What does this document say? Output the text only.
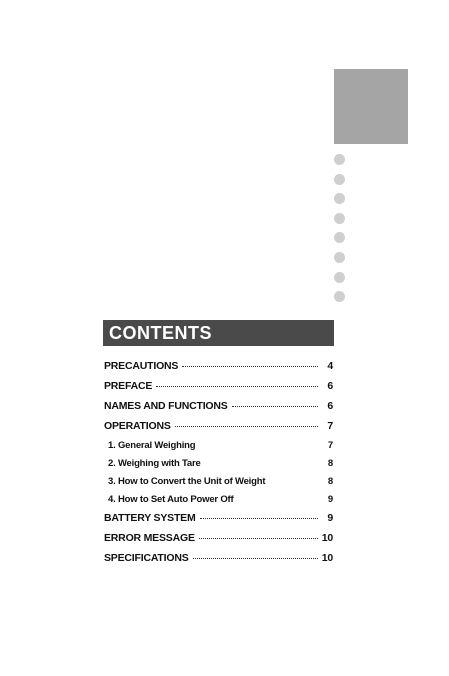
CONTENTS
PRECAUTIONS	4
PREFACE	6
NAMES AND FUNCTIONS	6
OPERATIONS	7
1. General Weighing	7
2. Weighing with Tare	8
3. How to Convert the Unit of Weight	8
4. How to Set Auto Power Off	9
BATTERY SYSTEM	9
ERROR MESSAGE	10
SPECIFICATIONS	10
